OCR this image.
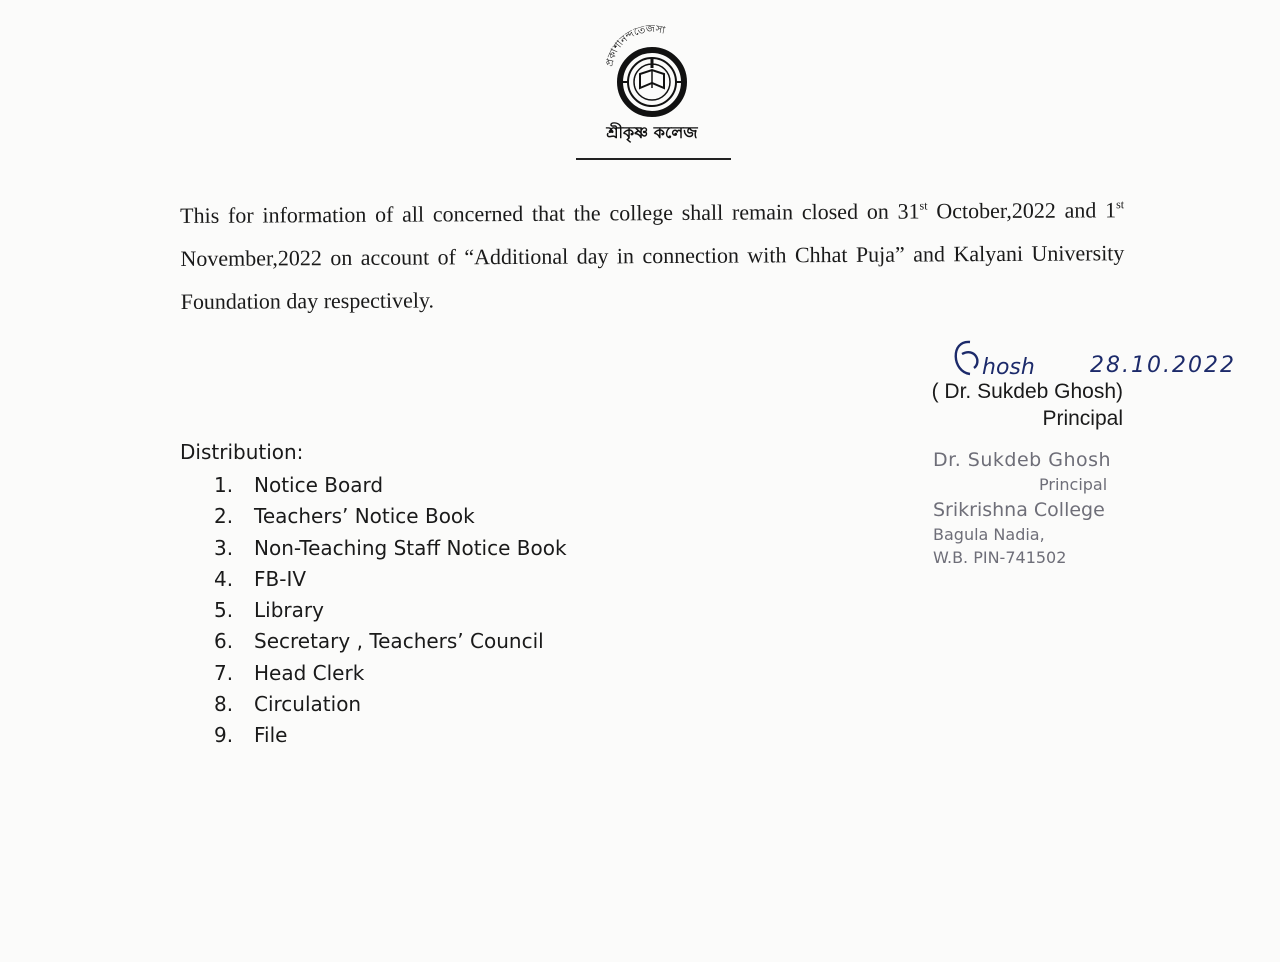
প্রকাশানন্দতেজসা
শ্রীকৃষ্ণ কলেজ

This for information of all concerned that the college shall remain closed on 31st October,2022 and 1st November,2022 on account of “Additional day in connection with Chhat Puja” and Kalyani University Foundation day respectively.

hosh	28.10.2022
( Dr. Sukdeb Ghosh)
Principal
Dr. Sukdeb Ghosh
Principal
Srikrishna College
Bagula Nadia,
W.B. PIN-741502
Distribution:
1.	Notice Board
2.	Teachers’ Notice Book
3.	Non-Teaching Staff Notice Book
4.	FB-IV
5.	Library
6.	Secretary , Teachers’ Council
7.	Head Clerk
8.	Circulation
9.	File
